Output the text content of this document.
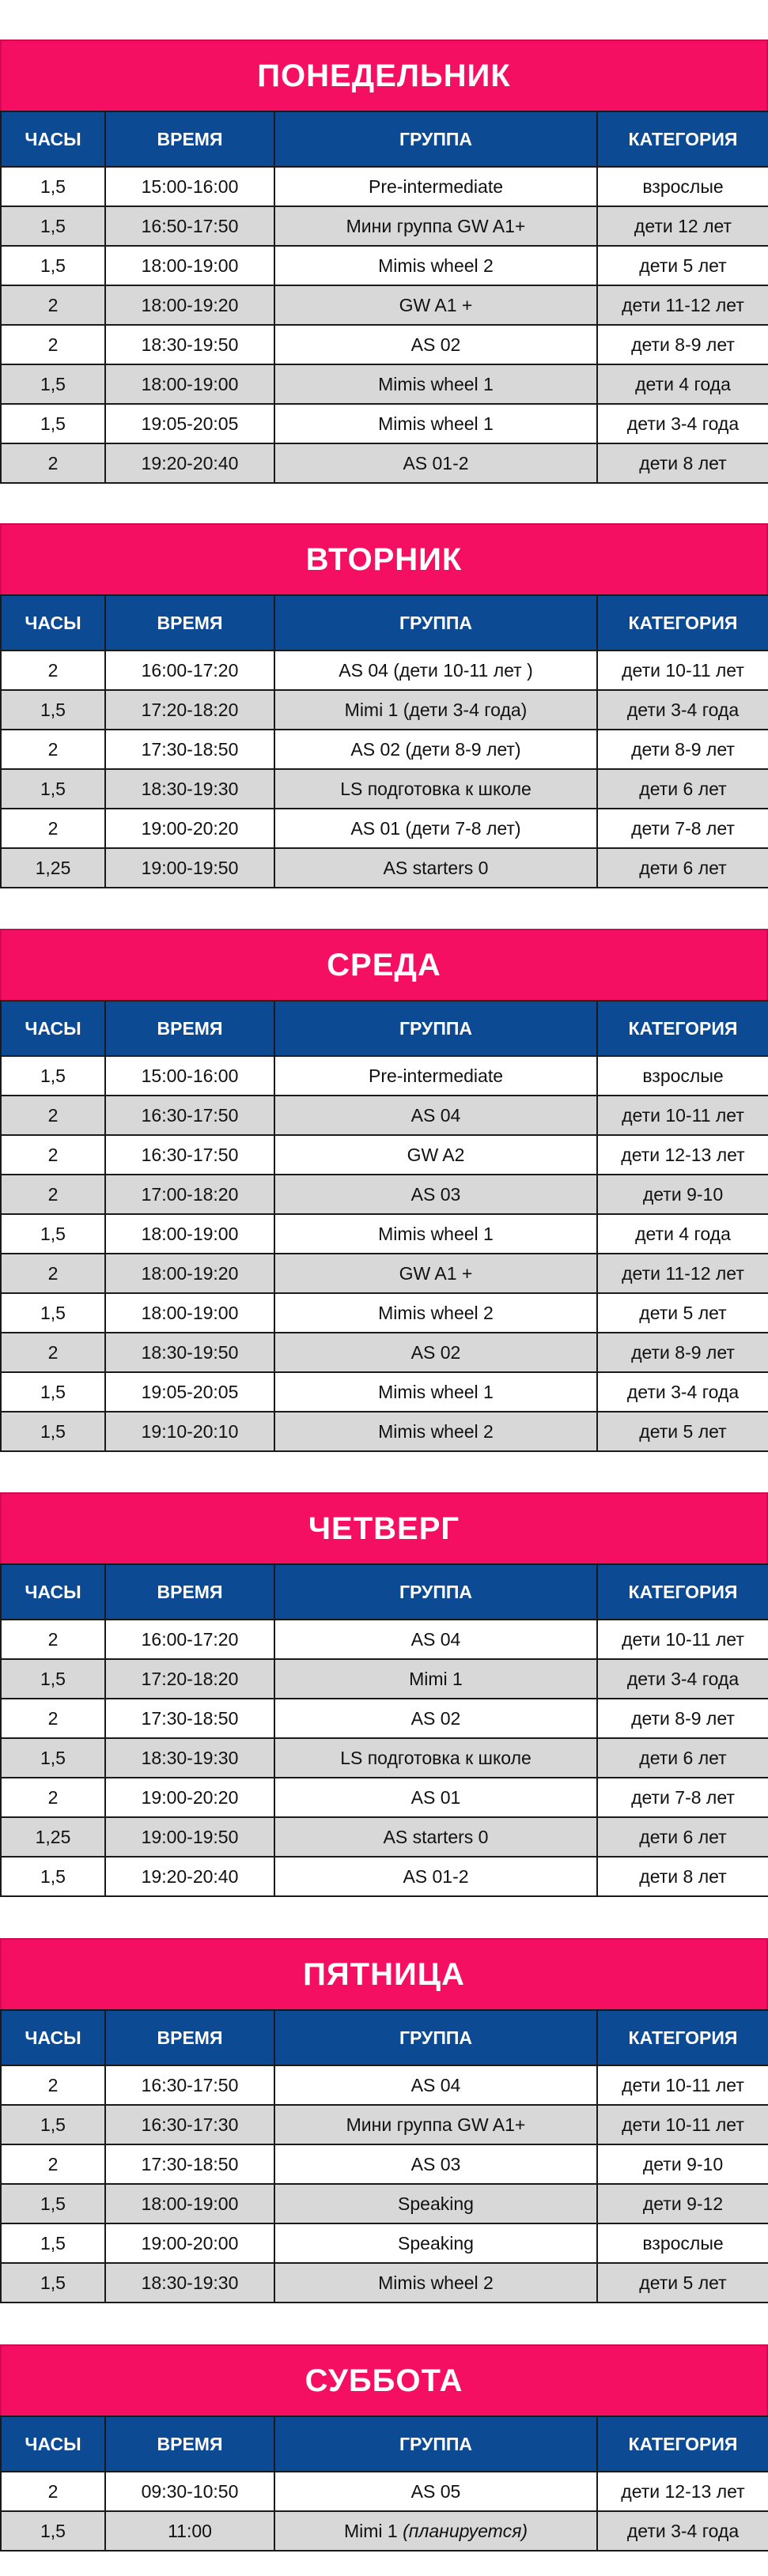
ПОНЕДЕЛЬНИК
ЧАСЫ	ВРЕМЯ	ГРУППА	КАТЕГОРИЯ
1,5	15:00-16:00	Pre-intermediate	взрослые
1,5	16:50-17:50	Мини группа GW A1+	дети 12 лет
1,5	18:00-19:00	Mimis wheel 2	дети 5 лет
2	18:00-19:20	GW A1 +	дети 11-12 лет
2	18:30-19:50	AS 02	дети 8-9 лет
1,5	18:00-19:00	Mimis wheel 1	дети 4 года
1,5	19:05-20:05	Mimis wheel 1	дети 3-4 года
2	19:20-20:40	AS 01-2	дети 8 лет
ВТОРНИК
ЧАСЫ	ВРЕМЯ	ГРУППА	КАТЕГОРИЯ
2	16:00-17:20	AS 04 (дети 10-11 лет )	дети 10-11 лет
1,5	17:20-18:20	Mimi 1 (дети 3-4 года)	дети 3-4 года
2	17:30-18:50	AS 02 (дети 8-9 лет)	дети 8-9 лет
1,5	18:30-19:30	LS подготовка к школе	дети 6 лет
2	19:00-20:20	AS 01 (дети 7-8 лет)	дети 7-8 лет
1,25	19:00-19:50	AS starters 0	дети 6 лет
СРЕДА
ЧАСЫ	ВРЕМЯ	ГРУППА	КАТЕГОРИЯ
1,5	15:00-16:00	Pre-intermediate	взрослые
2	16:30-17:50	AS 04	дети 10-11 лет
2	16:30-17:50	GW A2	дети 12-13 лет
2	17:00-18:20	AS 03	дети 9-10
1,5	18:00-19:00	Mimis wheel 1	дети 4 года
2	18:00-19:20	GW A1 +	дети 11-12 лет
1,5	18:00-19:00	Mimis wheel 2	дети 5 лет
2	18:30-19:50	AS 02	дети 8-9 лет
1,5	19:05-20:05	Mimis wheel 1	дети 3-4 года
1,5	19:10-20:10	Mimis wheel 2	дети 5 лет
ЧЕТВЕРГ
ЧАСЫ	ВРЕМЯ	ГРУППА	КАТЕГОРИЯ
2	16:00-17:20	AS 04	дети 10-11 лет
1,5	17:20-18:20	Mimi 1	дети 3-4 года
2	17:30-18:50	AS 02	дети 8-9 лет
1,5	18:30-19:30	LS подготовка к школе	дети 6 лет
2	19:00-20:20	AS 01	дети 7-8 лет
1,25	19:00-19:50	AS starters 0	дети 6 лет
1,5	19:20-20:40	AS 01-2	дети 8 лет
ПЯТНИЦА
ЧАСЫ	ВРЕМЯ	ГРУППА	КАТЕГОРИЯ
2	16:30-17:50	AS 04	дети 10-11 лет
1,5	16:30-17:30	Мини группа GW A1+	дети 10-11 лет
2	17:30-18:50	AS 03	дети 9-10
1,5	18:00-19:00	Speaking	дети 9-12
1,5	19:00-20:00	Speaking	взрослые
1,5	18:30-19:30	Mimis wheel 2	дети 5 лет
СУББОТА
ЧАСЫ	ВРЕМЯ	ГРУППА	КАТЕГОРИЯ
2	09:30-10:50	AS 05	дети 12-13 лет
1,5	11:00	Mimi 1 (планируется)	дети 3-4 года
